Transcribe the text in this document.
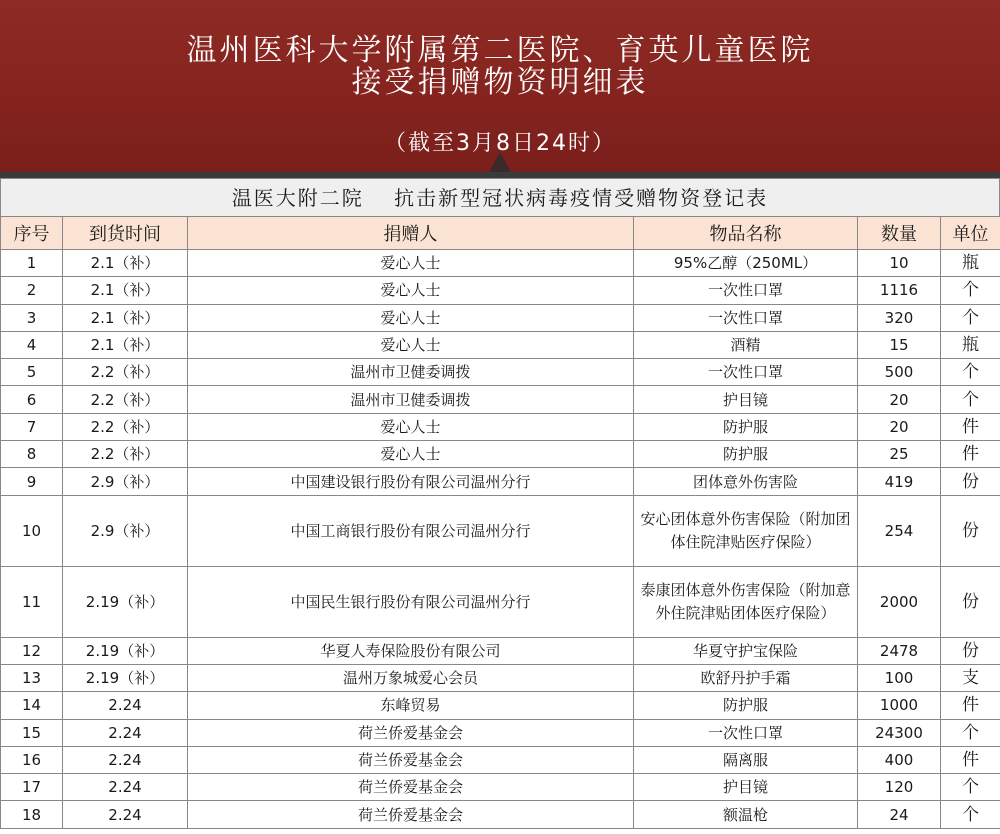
温州医科大学附属第二医院、育英儿童医院
接受捐赠物资明细表
（截至3月8日24时）
温医大附二院　 抗击新型冠状病毒疫情受赠物资登记表
序号	到货时间	捐赠人	物品名称	数量	单位
1	2.1（补）	爱心人士	95%乙醇（250ML）	10	瓶
2	2.1（补）	爱心人士	一次性口罩	1116	个
3	2.1（补）	爱心人士	一次性口罩	320	个
4	2.1（补）	爱心人士	酒精	15	瓶
5	2.2（补）	温州市卫健委调拨	一次性口罩	500	个
6	2.2（补）	温州市卫健委调拨	护目镜	20	个
7	2.2（补）	爱心人士	防护服	20	件
8	2.2（补）	爱心人士	防护服	25	件
9	2.9（补）	中国建设银行股份有限公司温州分行	团体意外伤害险	419	份
10	2.9（补）	中国工商银行股份有限公司温州分行	安心团体意外伤害保险（附加团体住院津贴医疗保险）	254	份
11	2.19（补）	中国民生银行股份有限公司温州分行	泰康团体意外伤害保险（附加意外住院津贴团体医疗保险）	2000	份
12	2.19（补）	华夏人寿保险股份有限公司	华夏守护宝保险	2478	份
13	2.19（补）	温州万象城爱心会员	欧舒丹护手霜	100	支
14	2.24	东峰贸易	防护服	1000	件
15	2.24	荷兰侨爱基金会	一次性口罩	24300	个
16	2.24	荷兰侨爱基金会	隔离服	400	件
17	2.24	荷兰侨爱基金会	护目镜	120	个
18	2.24	荷兰侨爱基金会	额温枪	24	个
